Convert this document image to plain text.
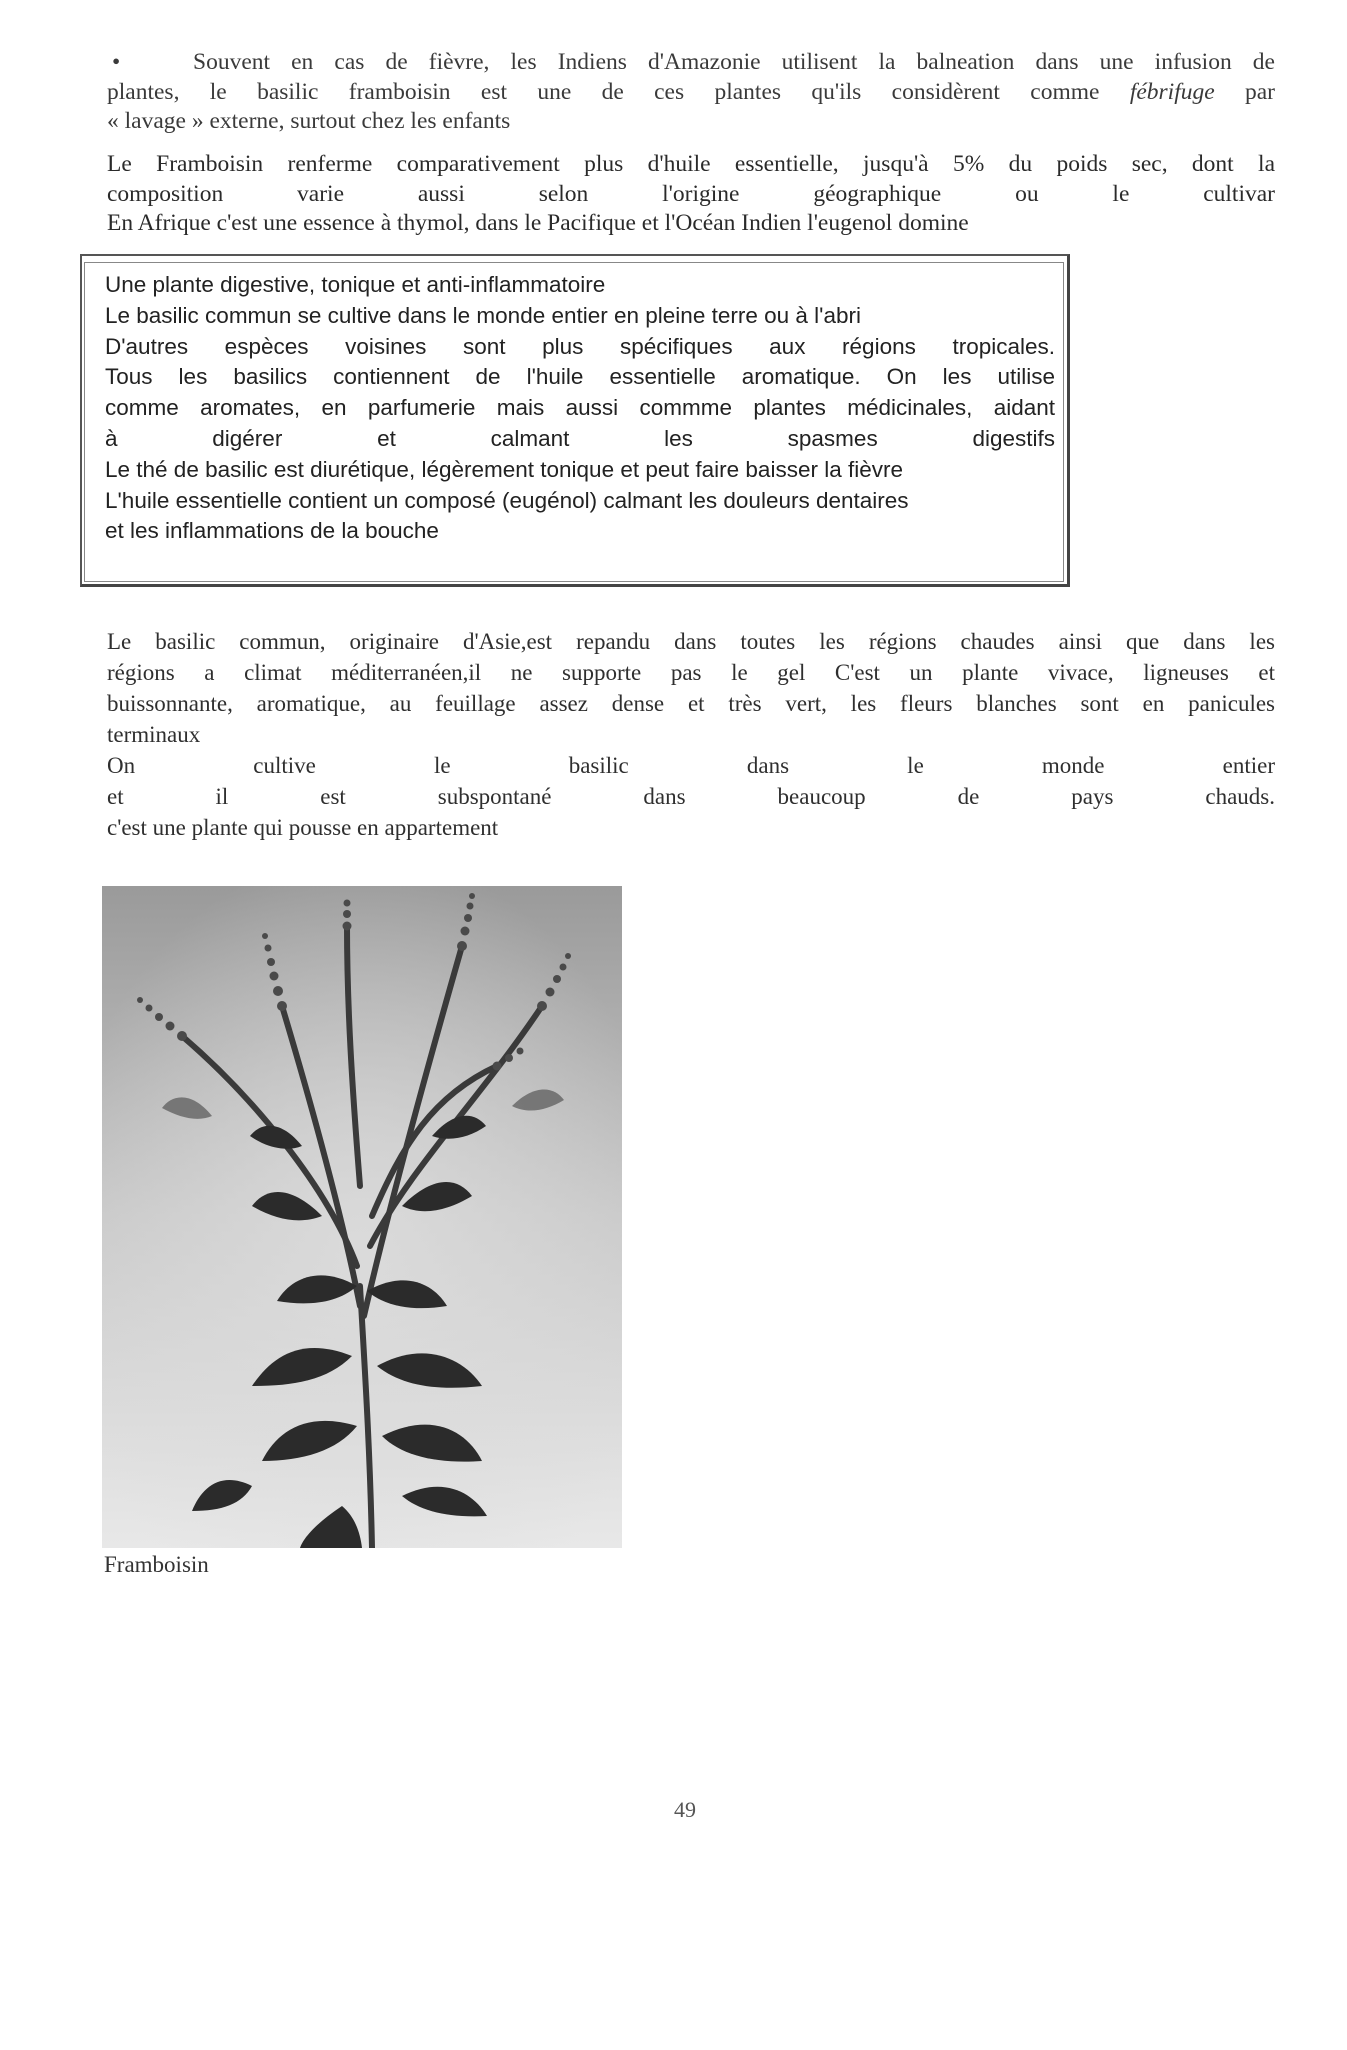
•	Souvent en cas de fièvre, les Indiens d'Amazonie utilisent la balneation dans une infusion de
plantes, le basilic framboisin est une de ces plantes qu'ils considèrent comme fébrifuge par
« lavage » externe, surtout chez les enfants
Le Framboisin renferme comparativement plus d'huile essentielle, jusqu'à 5% du poids sec, dont la
composition varie aussi selon l'origine géographique ou le cultivar
En Afrique c'est une essence à thymol, dans le Pacifique et l'Océan Indien l'eugenol domine
Une plante digestive, tonique et anti-inflammatoire
Le basilic commun se cultive dans le monde entier en pleine terre ou à l'abri
D'autres espèces voisines sont plus spécifiques aux régions tropicales.
Tous les basilics contiennent de l'huile essentielle aromatique. On les utilise
comme aromates, en parfumerie mais aussi commme plantes médicinales, aidant
à digérer et calmant les spasmes digestifs
Le thé de basilic est diurétique, légèrement tonique et peut faire baisser la fièvre
L'huile essentielle contient un composé (eugénol) calmant les douleurs dentaires
et les inflammations de la bouche
Le basilic commun, originaire d'Asie,est repandu dans toutes les régions chaudes ainsi que dans les
régions a climat méditerranéen,il ne supporte pas le gel C'est un plante vivace, ligneuses et
buissonnante, aromatique, au feuillage assez dense et très vert, les fleurs blanches sont en panicules
terminaux
On cultive le basilic dans le monde entier
et il est subspontané dans beaucoup de pays chauds.
c'est une plante qui pousse en appartement
Framboisin
49
